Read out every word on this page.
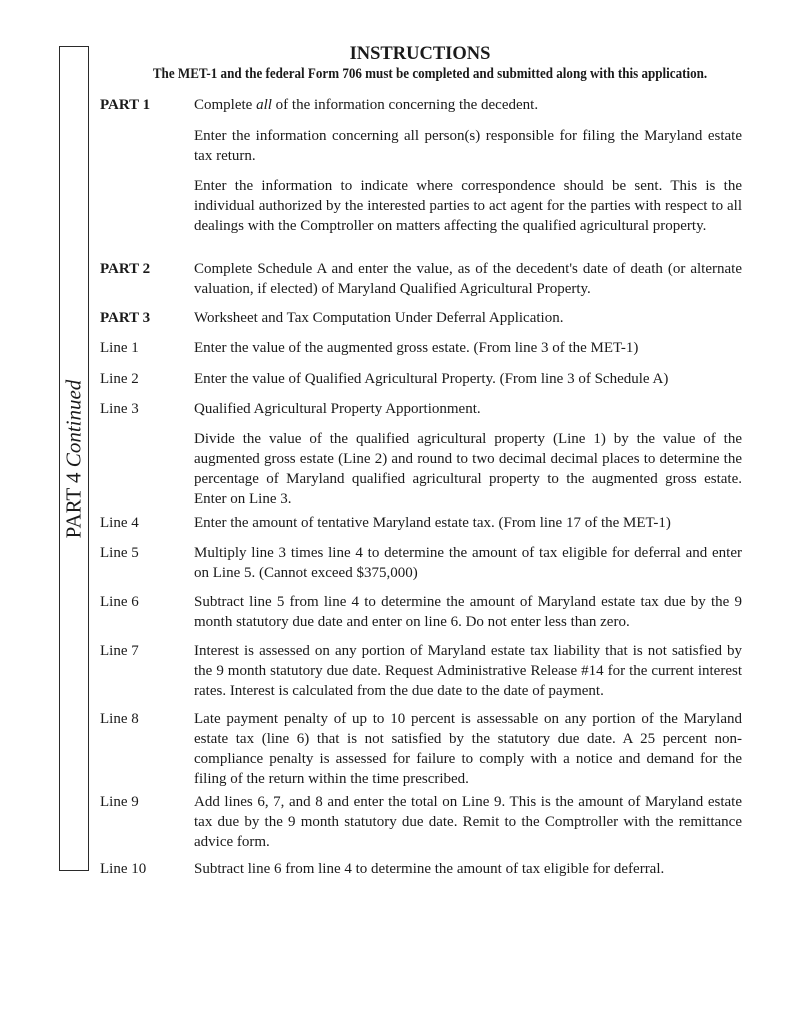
PART 4 Continued
INSTRUCTIONS
The MET-1 and the federal Form 706 must be completed and submitted along with this application.
PART 1	Complete all of the information concerning the decedent.
Enter the information concerning all person(s) responsible for filing the Maryland estate tax return.
Enter the information to indicate where correspondence should be sent. This is the individual authorized by the interested parties to act agent for the parties with respect to all dealings with the Comptroller on matters affecting the qualified agricultural property.
PART 2	Complete Schedule A and enter the value, as of the decedent's date of death (or alternate valuation, if elected) of Maryland Qualified Agricultural Property.
PART 3	Worksheet and Tax Computation Under Deferral Application.
Line 1	Enter the value of the augmented gross estate. (From line 3 of the MET-1)
Line 2	Enter the value of Qualified Agricultural Property. (From line 3 of Schedule A)
Line 3	Qualified Agricultural Property Apportionment.
Divide the value of the qualified agricultural property (Line 1) by the value of the augmented gross estate (Line 2) and round to two decimal decimal places to determine the percentage of Maryland qualified agricultural property to the augmented gross estate. Enter on Line 3.
Line 4	Enter the amount of tentative Maryland estate tax. (From line 17 of the MET-1)
Line 5	Multiply line 3 times line 4 to determine the amount of tax eligible for deferral and enter on Line 5. (Cannot exceed $375,000)
Line 6	Subtract line 5 from line 4 to determine the amount of Maryland estate tax due by the 9 month statutory due date and enter on line 6. Do not enter less than zero.
Line 7	Interest is assessed on any portion of Maryland estate tax liability that is not satisfied by the 9 month statutory due date. Request Administrative Release #14 for the current interest rates. Interest is calculated from the due date to the date of payment.
Line 8	Late payment penalty of up to 10 percent is assessable on any portion of the Maryland estate tax (line 6) that is not satisfied by the statutory due date. A 25 percent non-compliance penalty is assessed for failure to comply with a notice and demand for the filing of the return within the time prescribed.
Line 9	Add lines 6, 7, and 8 and enter the total on Line 9. This is the amount of Maryland estate tax due by the 9 month statutory due date. Remit to the Comptroller with the remittance advice form.
Line 10	Subtract line 6 from line 4 to determine the amount of tax eligible for deferral.
